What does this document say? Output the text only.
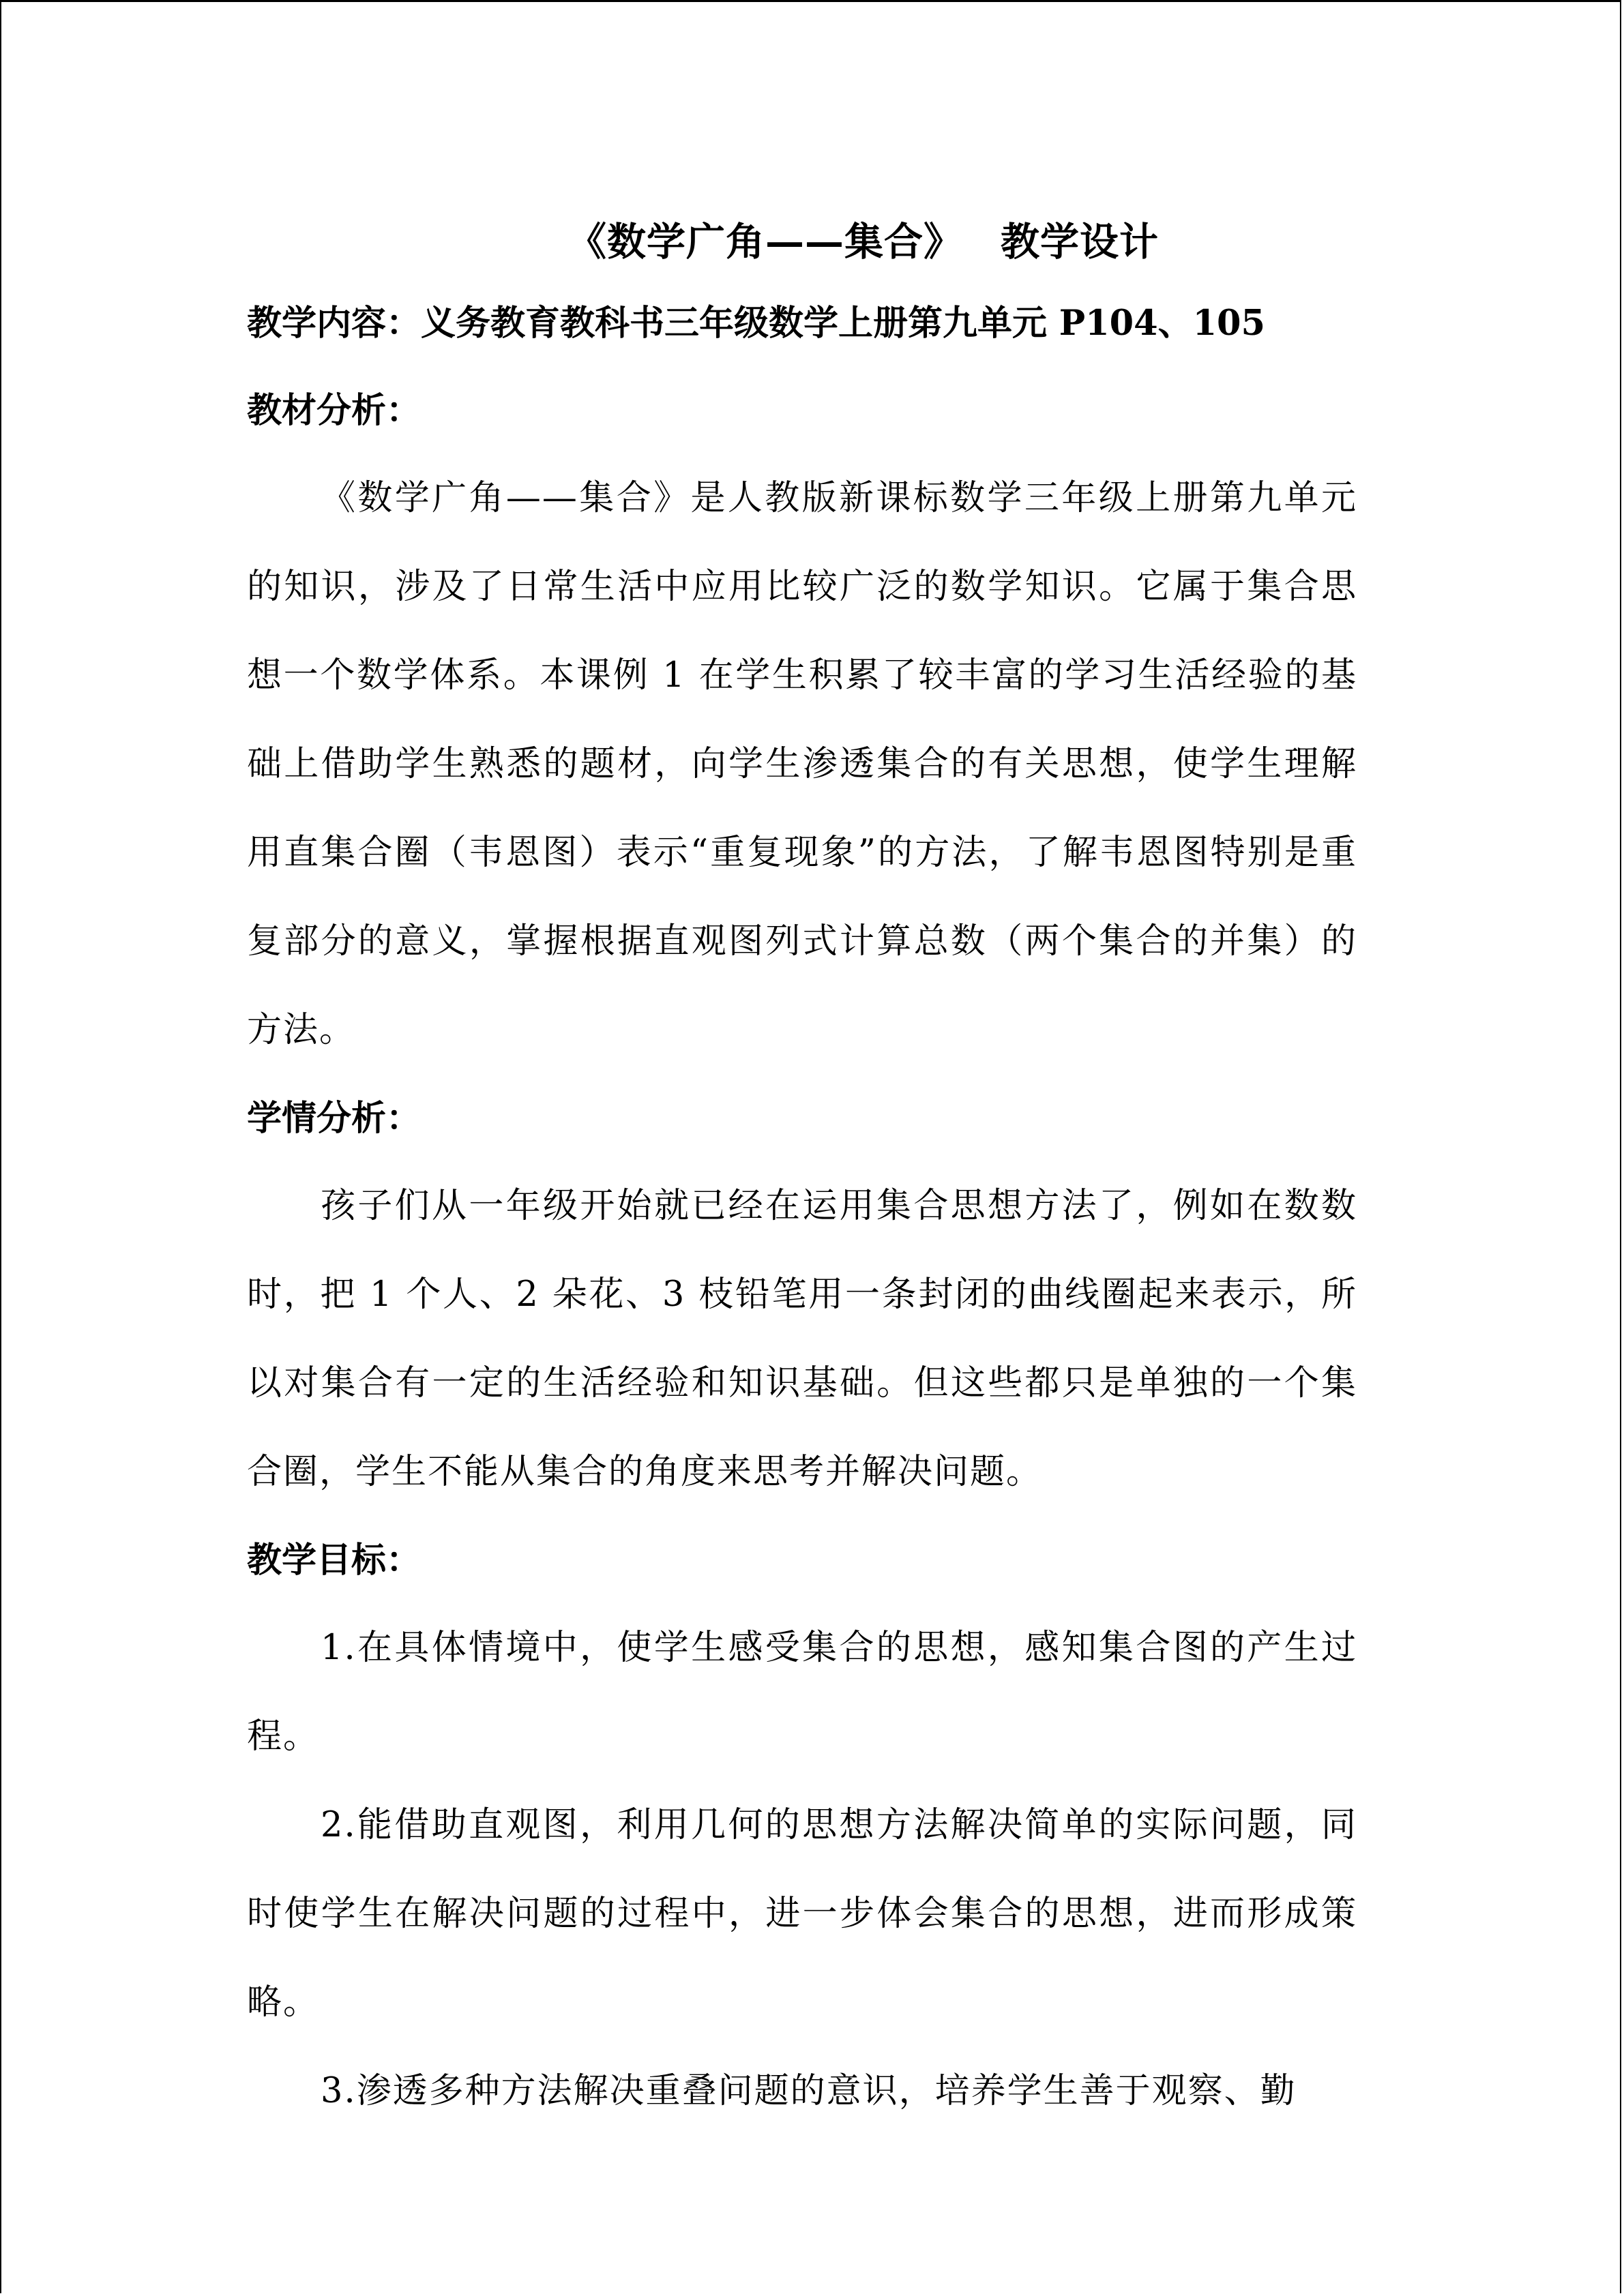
《数学广角——集合》 教学设计

教学内容：义务教育教科书三年级数学上册第九单元 P104、105

教材分析：

《数学广角——集合》是人教版新课标数学三年级上册第九单元的知识，涉及了日常生活中应用比较广泛的数学知识。它属于集合思想一个数学体系。本课例 1 在学生积累了较丰富的学习生活经验的基础上借助学生熟悉的题材，向学生渗透集合的有关思想，使学生理解用直集合圈（韦恩图）表示“重复现象”的方法，了解韦恩图特别是重复部分的意义，掌握根据直观图列式计算总数（两个集合的并集）的方法。

学情分析：

孩子们从一年级开始就已经在运用集合思想方法了，例如在数数时，把 1 个人、2 朵花、3 枝铅笔用一条封闭的曲线圈起来表示，所以对集合有一定的生活经验和知识基础。但这些都只是单独的一个集合圈，学生不能从集合的角度来思考并解决问题。

教学目标：

1.在具体情境中，使学生感受集合的思想，感知集合图的产生过程。

2.能借助直观图，利用几何的思想方法解决简单的实际问题，同时使学生在解决问题的过程中，进一步体会集合的思想，进而形成策略。

3.渗透多种方法解决重叠问题的意识，培养学生善于观察、勤
